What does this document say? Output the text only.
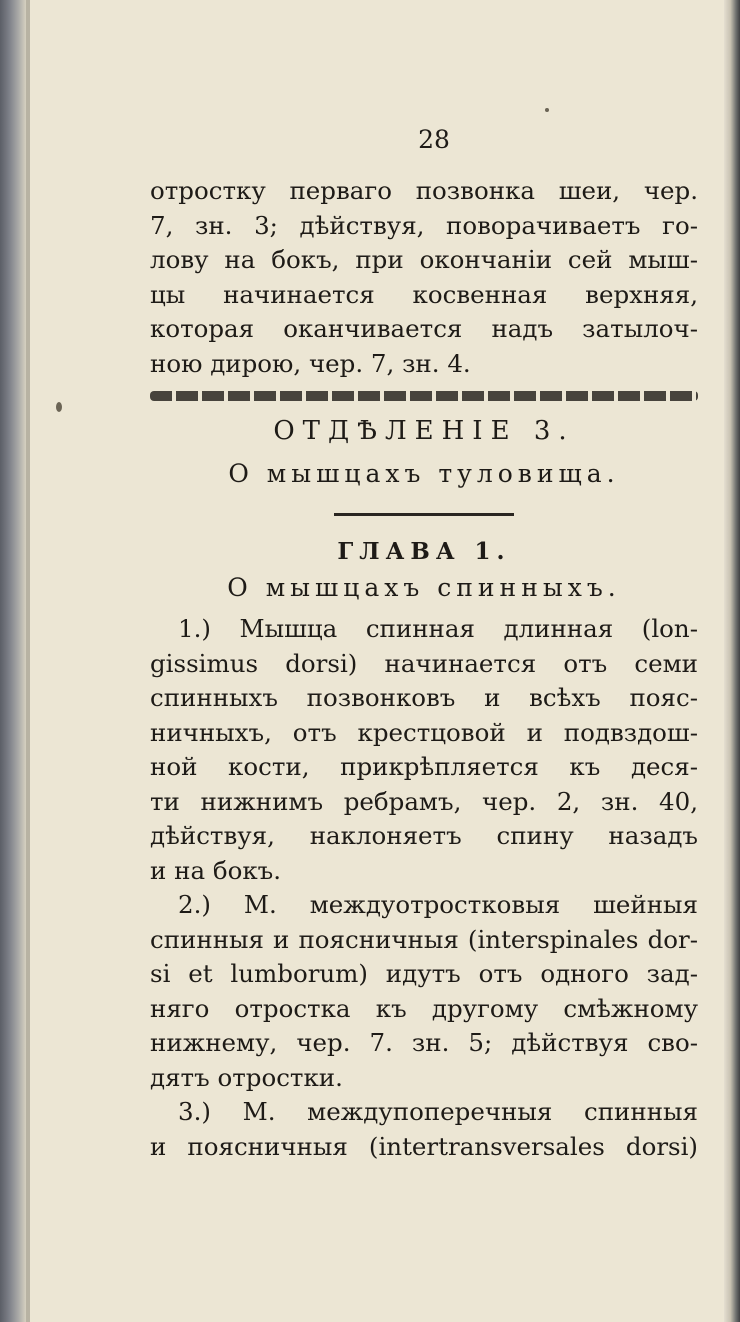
28
отростку перваго позвонка шеи, чер.
7, зн. 3; дѣйствуя, поворачиваетъ го-
лову на бокъ, при окончанiи сей мыш-
цы начинается косвенная верхняя,
которая оканчивается надъ затылоч-
ною дирою, чер. 7, зн. 4.
ОТДѢЛЕНIЕ 3.
О мышцахъ туловища.
ГЛАВА 1.
О мышцахъ спинныхъ.
1.) Мышца спинная длинная (lon-
gissimus dorsi) начинается отъ семи
спинныхъ позвонковъ и всѣхъ пояс-
ничныхъ, отъ крестцовой и подвздош-
ной кости, прикрѣпляется къ деся-
ти нижнимъ ребрамъ, чер. 2, зн. 40,
дѣйствуя, наклоняетъ спину назадъ
и на бокъ.
2.) М. междуотростковыя шейныя
спинныя и поясничныя (interspinales dor-
si et lumborum) идутъ отъ одного зад-
няго отростка къ другому смѣжному
нижнему, чер. 7. зн. 5; дѣйствуя сво-
дятъ отростки.
3.) М. междупоперечныя спинныя
и поясничныя (intertransversales dorsi)
